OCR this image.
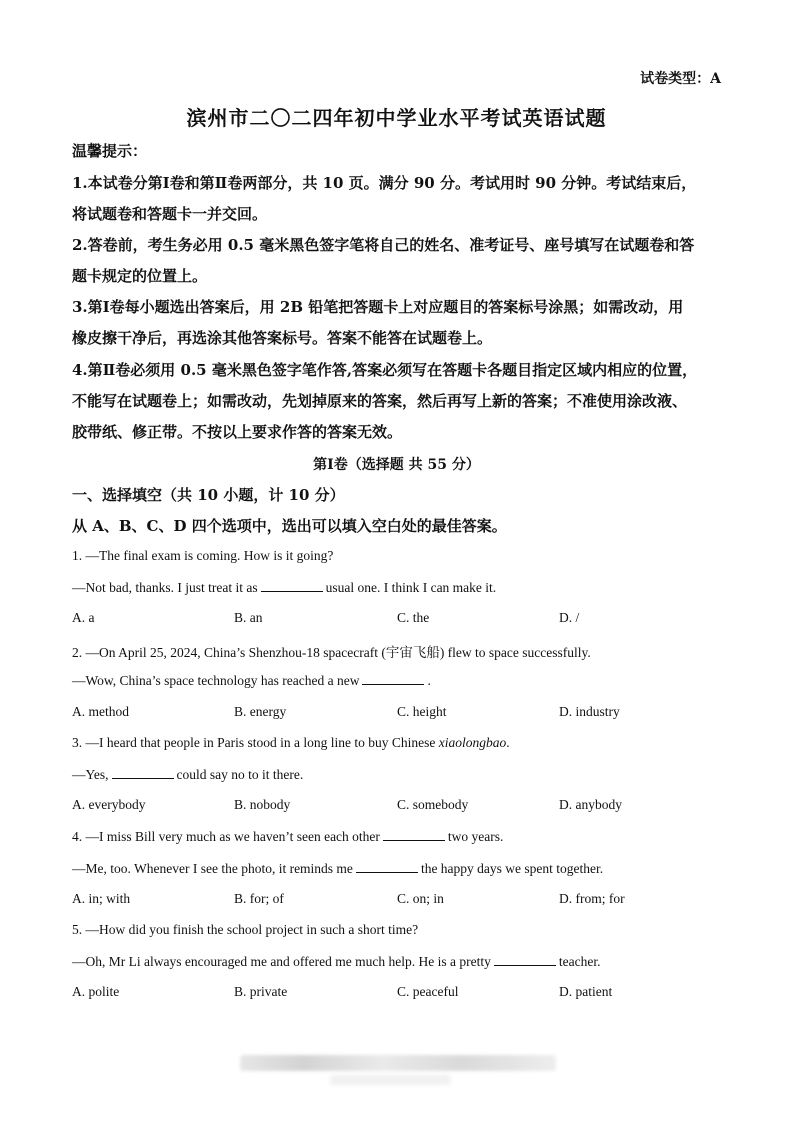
试卷类型：A
滨州市二〇二四年初中学业水平考试英语试题
温馨提示：
1.本试卷分第Ⅰ卷和第Ⅱ卷两部分，共 10 页。满分 90 分。考试用时 90 分钟。考试结束后，
将试题卷和答题卡一并交回。
2.答卷前，考生务必用 0.5 毫米黑色签字笔将自己的姓名、准考证号、座号填写在试题卷和答
题卡规定的位置上。
3.第Ⅰ卷每小题选出答案后，用 2B 铅笔把答题卡上对应题目的答案标号涂黑；如需改动，用
橡皮擦干净后，再选涂其他答案标号。答案不能答在试题卷上。
4.第Ⅱ卷必须用 0.5 毫米黑色签字笔作答,答案必须写在答题卡各题目指定区域内相应的位置，
不能写在试题卷上；如需改动，先划掉原来的答案，然后再写上新的答案；不准使用涂改液、
胶带纸、修正带。不按以上要求作答的答案无效。
第Ⅰ卷（选择题 共 55 分）
一、选择填空（共 10 小题，计 10 分）
从 A、B、C、D 四个选项中，选出可以填入空白处的最佳答案。
1. —The final exam is coming. How is it going?
—Not bad, thanks. I just treat it as	usual one. I think I can make it.
A. a	B. an	C. the	D. /
2. —On April 25, 2024, China’s Shenzhou-18 spacecraft (宇宙飞船) flew to space successfully.
—Wow, China’s space technology has reached a new	.
A. method	B. energy	C. height	D. industry
3. —I heard that people in Paris stood in a long line to buy Chinese xiaolongbao.
—Yes,	could say no to it there.
A. everybody	B. nobody	C. somebody	D. anybody
4. —I miss Bill very much as we haven’t seen each other	two years.
—Me, too. Whenever I see the photo, it reminds me	the happy days we spent together.
A. in; with	B. for; of	C. on; in	D. from; for
5. —How did you finish the school project in such a short time?
—Oh, Mr Li always encouraged me and offered me much help. He is a pretty	teacher.
A. polite	B. private	C. peaceful	D. patient
